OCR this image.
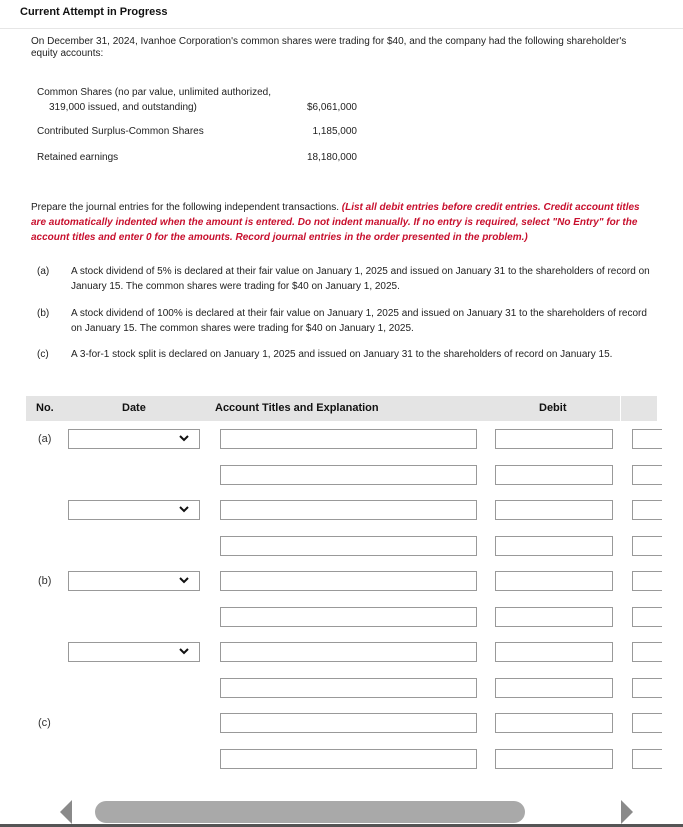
Current Attempt in Progress
On December 31, 2024, Ivanhoe Corporation's common shares were trading for $40, and the company had the following shareholder's equity accounts:
Common Shares (no par value, unlimited authorized,
319,000 issued, and outstanding)	$6,061,000
Contributed Surplus-Common Shares	1,185,000
Retained earnings	18,180,000
Prepare the journal entries for the following independent transactions. (List all debit entries before credit entries. Credit account titles are automatically indented when the amount is entered. Do not indent manually. If no entry is required, select "No Entry" for the account titles and enter 0 for the amounts. Record journal entries in the order presented in the problem.)
(a) A stock dividend of 5% is declared at their fair value on January 1, 2025 and issued on January 31 to the shareholders of record on January 15. The common shares were trading for $40 on January 1, 2025.
(b) A stock dividend of 100% is declared at their fair value on January 1, 2025 and issued on January 31 to the shareholders of record on January 15. The common shares were trading for $40 on January 1, 2025.
(c) A 3-for-1 stock split is declared on January 1, 2025 and issued on January 31 to the shareholders of record on January 15.
No.	Date	Account Titles and Explanation	Debit
(a)
(b)
(c)
